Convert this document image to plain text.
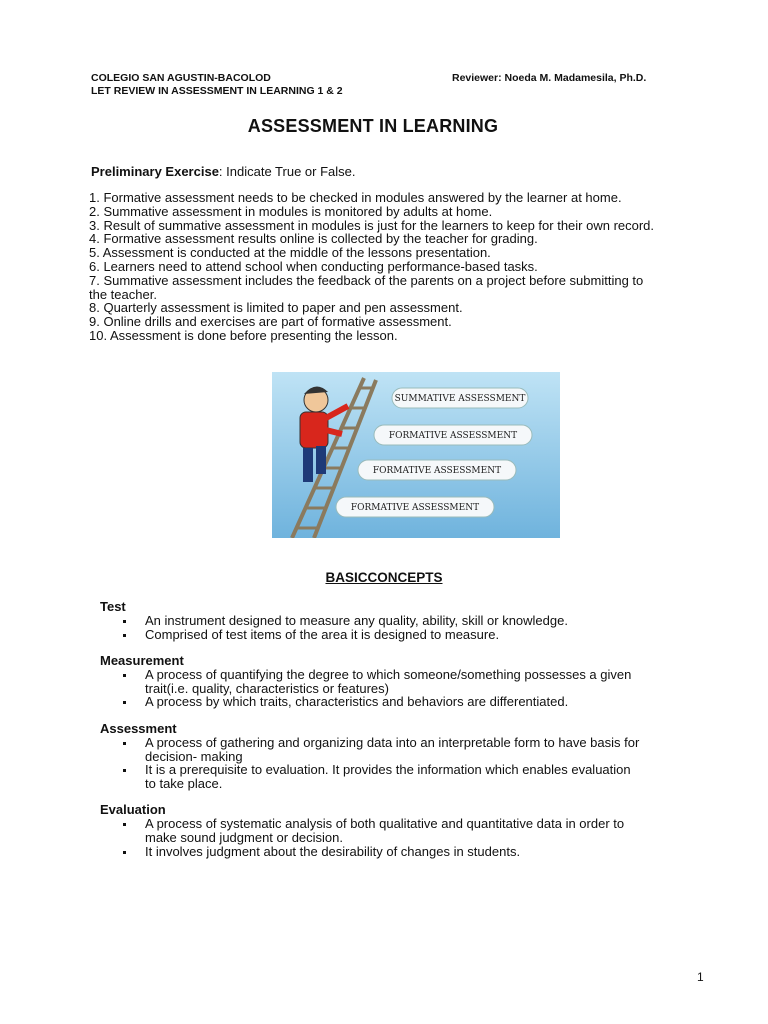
COLEGIO SAN AGUSTIN-BACOLOD
LET REVIEW IN ASSESSMENT IN LEARNING 1 & 2
Reviewer: Noeda M. Madamesila, Ph.D.
ASSESSMENT IN LEARNING
Preliminary Exercise: Indicate True or False.
1. Formative assessment needs to be checked in modules answered by the learner at home.
2. Summative assessment in modules is monitored by adults at home.
3. Result of summative assessment in modules is just for the learners to keep for their own record.
4. Formative assessment results online is collected by the teacher for grading.
5. Assessment is conducted at the middle of the lessons presentation.
6. Learners need to attend school when conducting performance-based tasks.
7. Summative assessment includes the feedback of the parents on a project before submitting to the teacher.
8. Quarterly assessment is limited to paper and pen assessment.
9. Online drills and exercises are part of formative assessment.
10. Assessment is done before presenting the lesson.
SUMMATIVE ASSESSMENT
FORMATIVE ASSESSMENT
FORMATIVE ASSESSMENT
FORMATIVE ASSESSMENT
BASICCONCEPTS
Test
An instrument designed to measure any quality, ability, skill or knowledge.
Comprised of test items of the area it is designed to measure.
Measurement
A process of quantifying the degree to which someone/something possesses a given trait(i.e. quality, characteristics or features)
A process by which traits, characteristics and behaviors are differentiated.
Assessment
A process of gathering and organizing data into an interpretable form to have basis for decision- making
It is a prerequisite to evaluation. It provides the information which enables evaluation to take place.
Evaluation
A process of systematic analysis of both qualitative and quantitative data in order to make sound judgment or decision.
It involves judgment about the desirability of changes in students.
1
